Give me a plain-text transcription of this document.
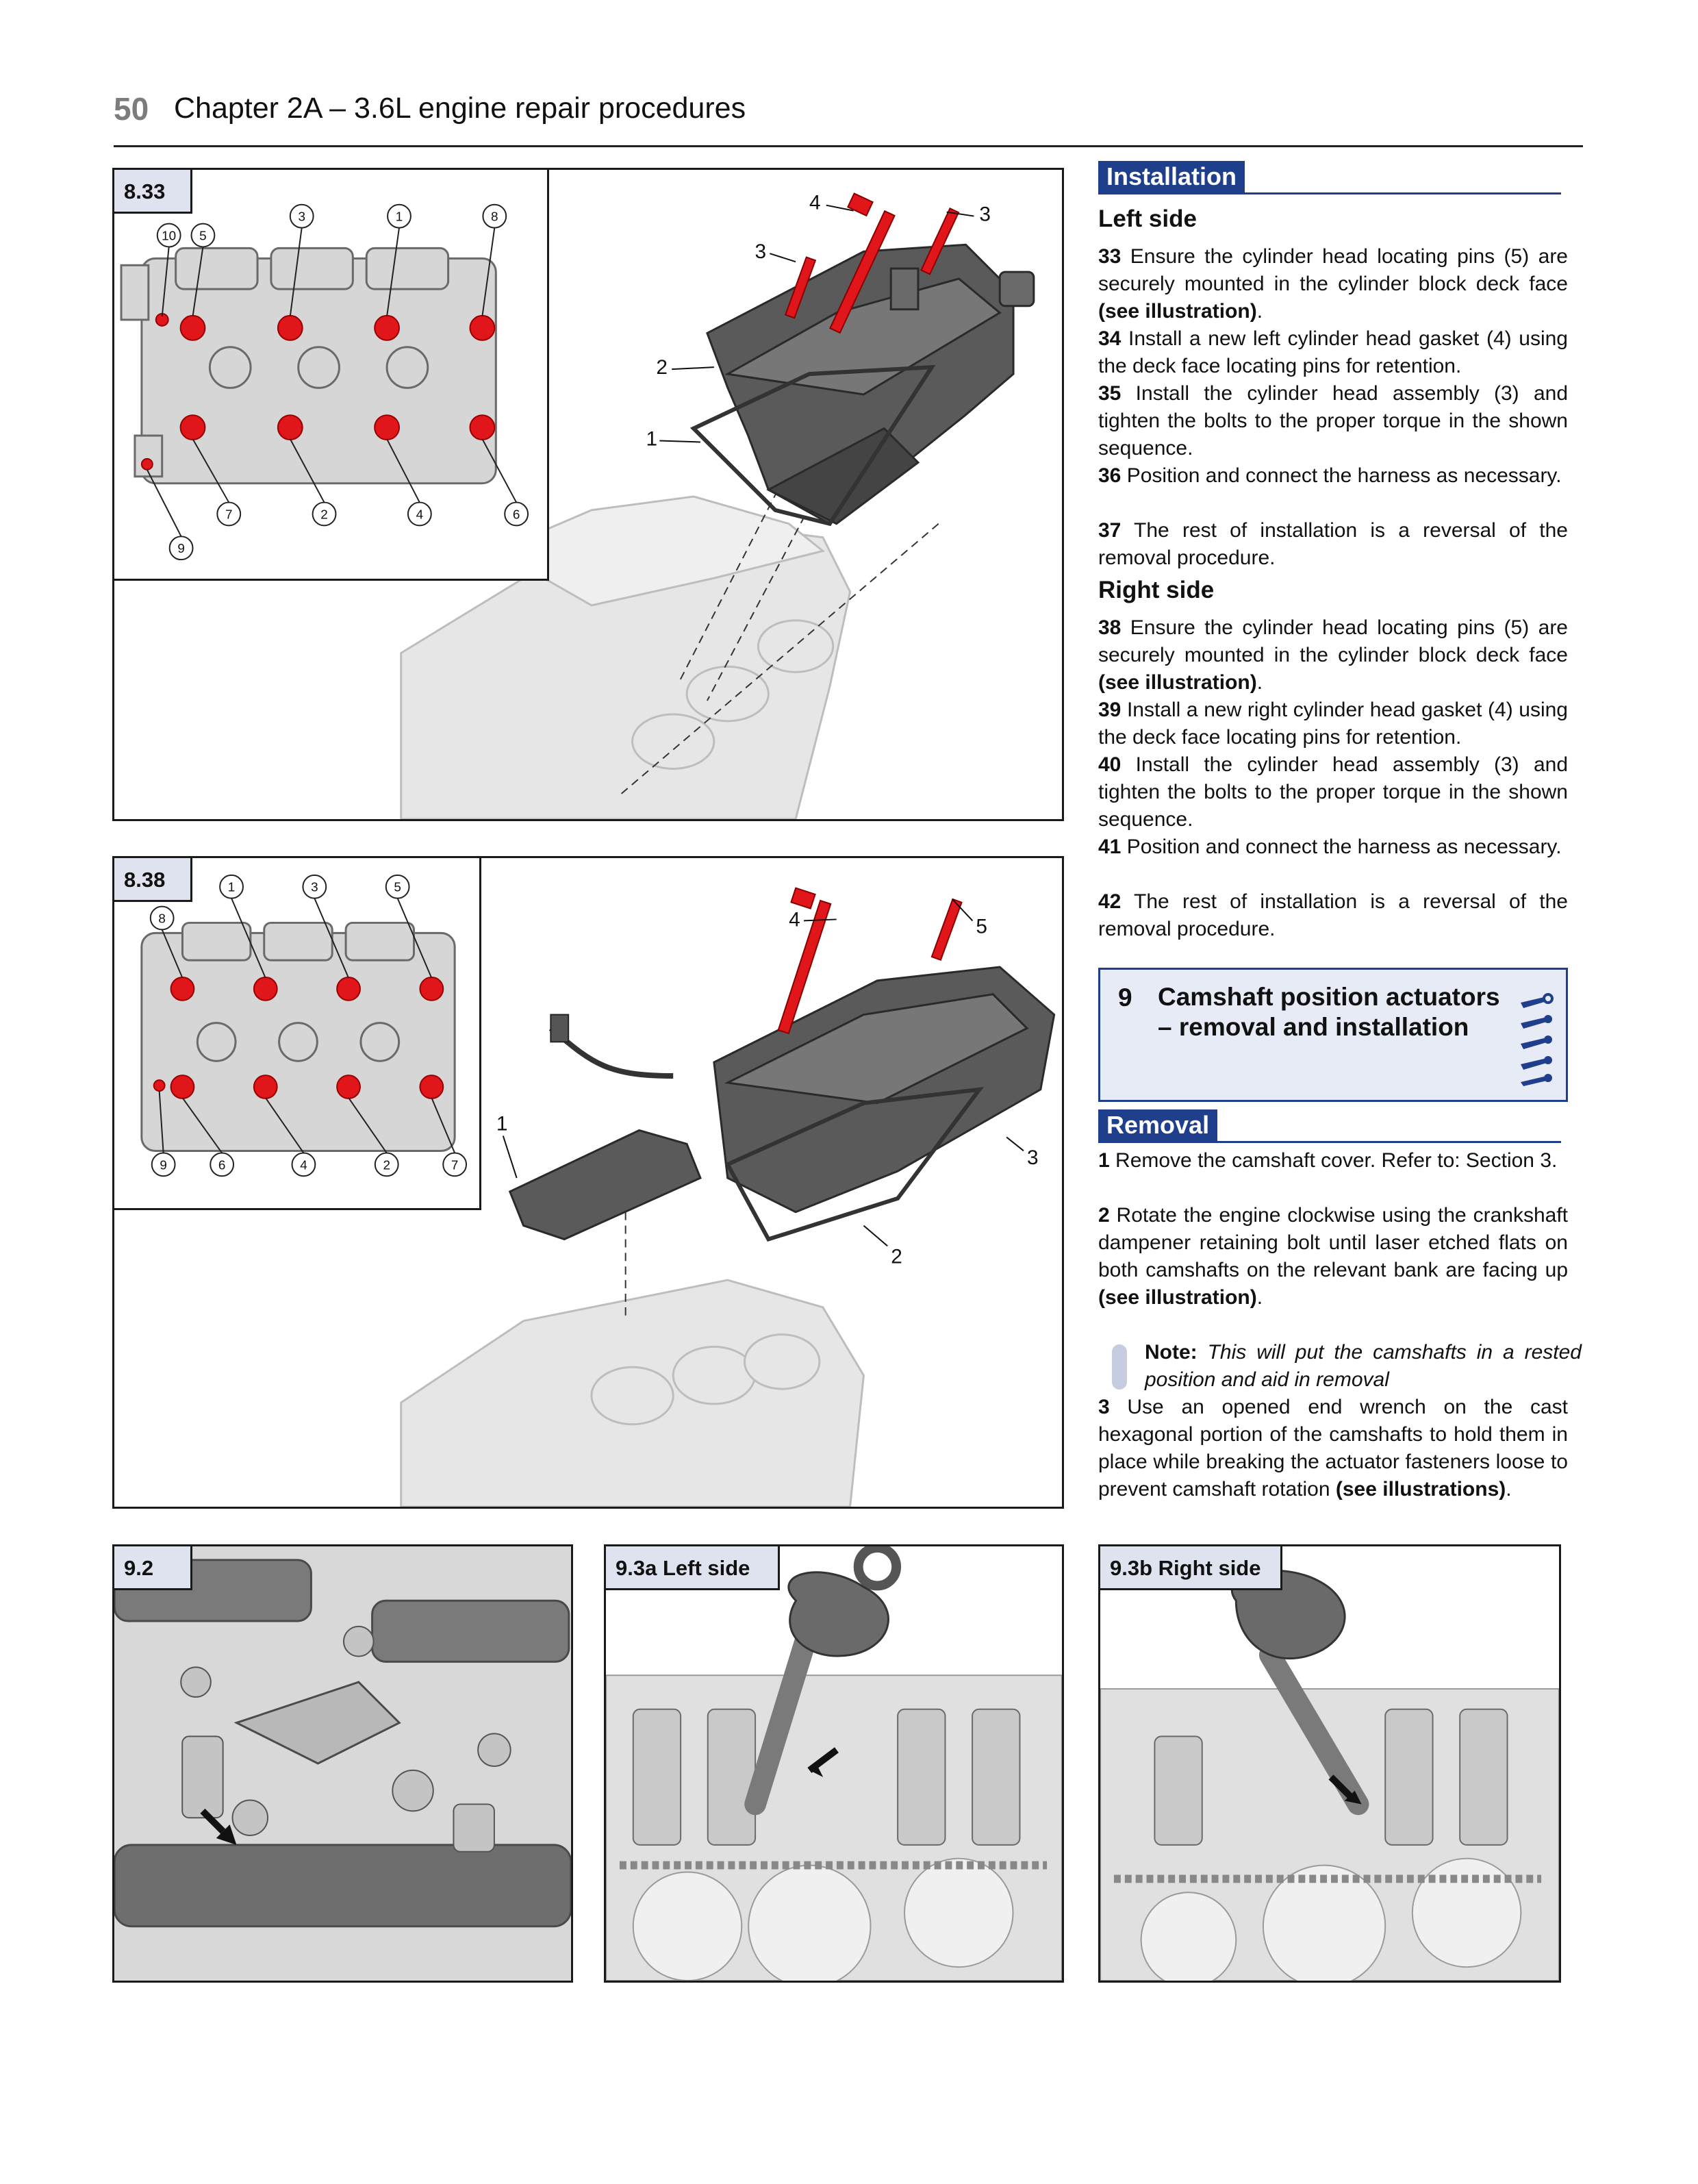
50 Chapter 2A – 3.6L engine repair procedures
4
3
3
2
1
10 5
3	1	8
7	2	4	6
9
8.33
4	5
1
3
2
1	3	5
8
9	6	4	2	7
8.38
9.2	9.3a Left side	9.3b Right side
Installation
Left side
33 Ensure the cylinder head locating pins (5) are securely mounted in the cylinder block deck face (see illustration).
34 Install a new left cylinder head gasket (4) using the deck face locating pins for retention.
35 Install the cylinder head assembly (3) and tighten the bolts to the proper torque in the shown sequence.
36 Position and connect the harness as necessary.
37 The rest of installation is a reversal of the removal procedure.
Right side
38 Ensure the cylinder head locating pins (5) are securely mounted in the cylinder block deck face (see illustration).
39 Install a new right cylinder head gasket (4) using the deck face locating pins for retention.
40 Install the cylinder head assembly (3) and tighten the bolts to the proper torque in the shown sequence.
41 Position and connect the harness as necessary.
42 The rest of installation is a reversal of the removal procedure.
9 Camshaft position actuators – removal and installation
Removal
1 Remove the camshaft cover. Refer to: Section 3.
2 Rotate the engine clockwise using the crankshaft dampener retaining bolt until laser etched flats on both camshafts on the relevant bank are facing up (see illustration).
Note: This will put the camshafts in a rested position and aid in removal
3 Use an opened end wrench on the cast hexagonal portion of the camshafts to hold them in place while breaking the actuator fasteners loose to prevent camshaft rotation (see illustrations).
